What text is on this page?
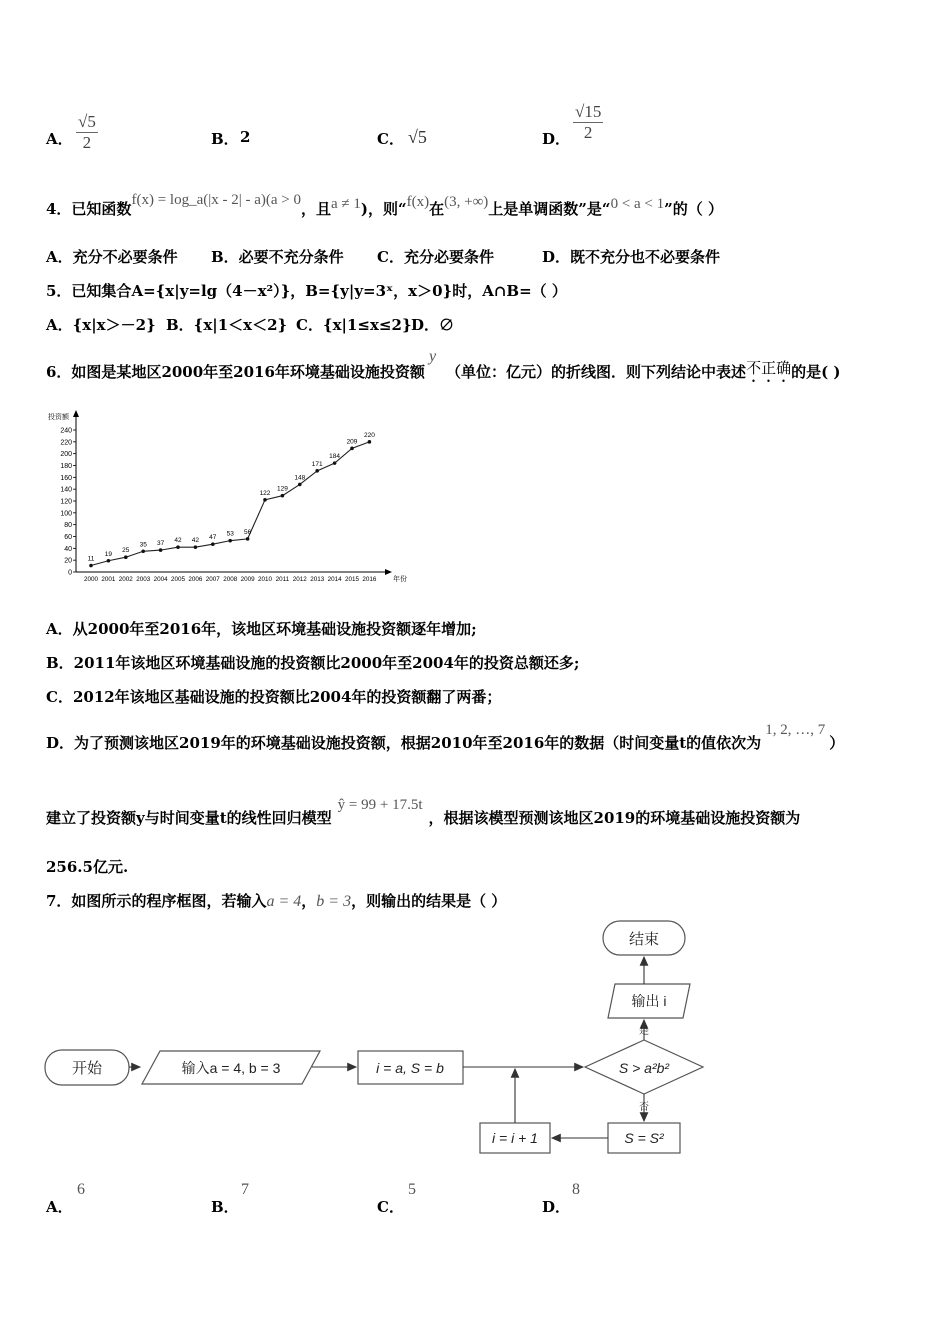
A． $\frac{√5}{2}$	B． 2	C． √5	D． $\frac{√15}{2}$
4．已知函数f(x) = log_a(|x - 2| - a)(a > 0，且a ≠ 1)，则“f(x)在(3, +∞)上是单调函数”是“0 < a < 1”的（ ）
A．充分不必要条件 B．必要不充分条件 C．充分必要条件	D．既不充分也不必要条件
5．已知集合A={x|y=lg（4－x²）}，B={y|y=3ˣ，x＞0}时，A∩B=（ ）
A．{x|x＞－2} B．{x|1＜x＜2} C．{x|1≤x≤2} D．∅
6．如图是某地区2000年至2016年环境基础设施投资额y（单位：亿元）的折线图．则下列结论中表述不正确的是( )
投资额
年份
0
20
40
60
80
100
120
140
160
180
200
220
240
2000 2001 2002 2003 2004 2005 2006 2007 2008 2009 2010 2011 2012 2013 2014 2015 2016
11
19
25
35 37 42 42 47
53 56
122
129
148
171
184
209
220
A．从2000年至2016年，该地区环境基础设施投资额逐年增加;
B．2011年该地区环境基础设施的投资额比2000年至2004年的投资总额还多;
C．2012年该地区基础设施的投资额比2004年的投资额翻了两番；
D．为了预测该地区2019年的环境基础设施投资额，根据2010年至2016年的数据（时间变量t的值依次为1, 2, …, 7）
建立了投资额y与时间变量t的线性回归模型ŷ = 99 + 17.5t，根据该模型预测该地区2019的环境基础设施投资额为
256.5亿元.
7．如图所示的程序框图，若输入a = 4，b = 3，则输出的结果是（ ）
开始	输入a = 4, b = 3	i = a, S = b	S > a²b²
输出 i
结束
S = S²
i = i + 1
是
否
A．
6
B．
7
C．
5
D．
8
